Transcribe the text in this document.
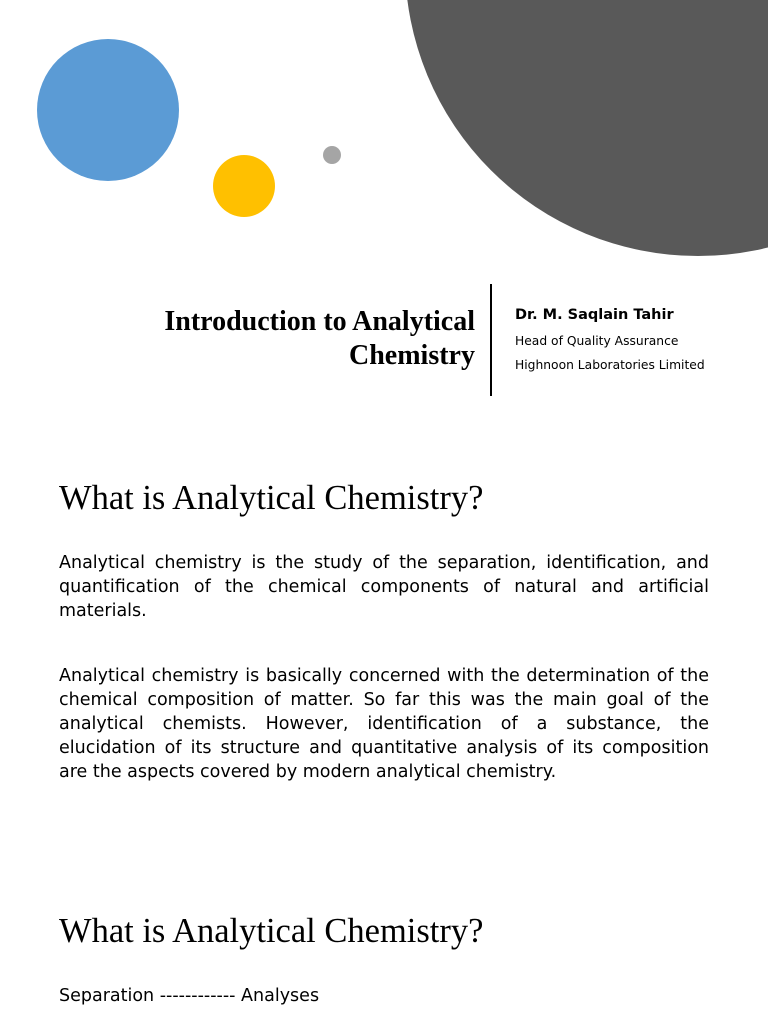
Introduction to Analytical
Chemistry
Dr. M. Saqlain Tahir
Head of Quality Assurance
Highnoon Laboratories Limited
What is Analytical Chemistry?

Analytical chemistry is the study of the separation, identification, and quantification of the chemical components of natural and artificial materials.

Analytical chemistry is basically concerned with the determination of the chemical composition of matter. So far this was the main goal of the analytical chemists. However, identification of a substance, the elucidation of its structure and quantitative analysis of its composition are the aspects covered by modern analytical chemistry.

What is Analytical Chemistry?
Separation ------------ Analyses
